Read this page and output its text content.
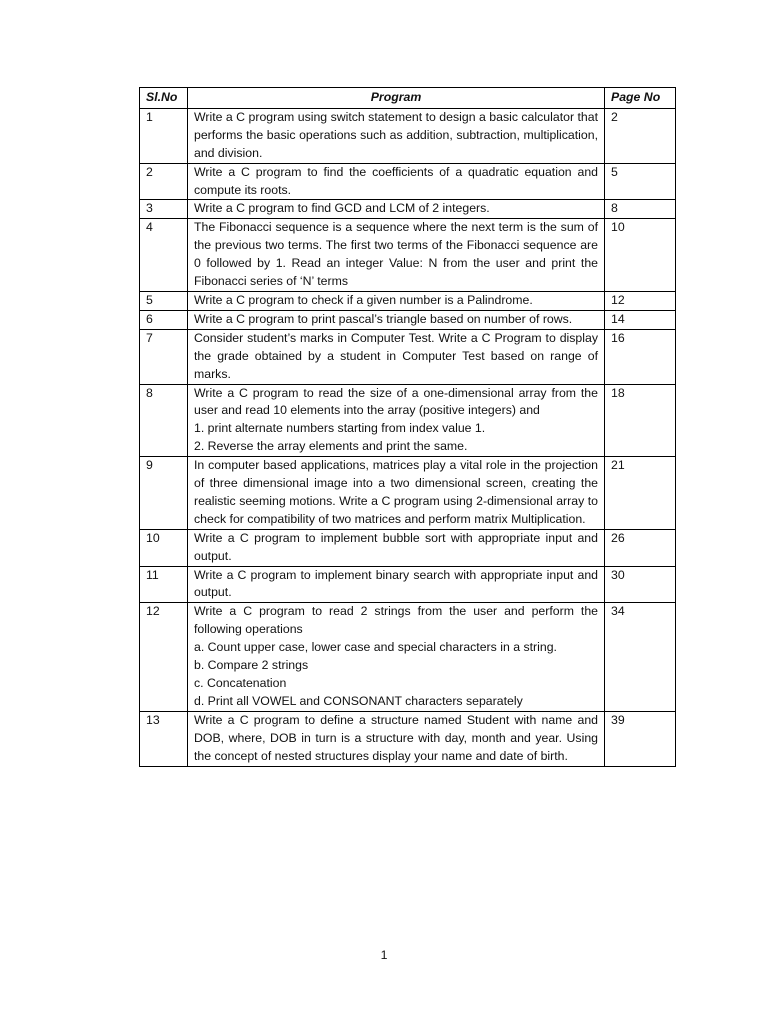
Sl.No	Program	Page No
1	Write a C program using switch statement to design a basic calculator that performs the basic operations such as addition, subtraction, multiplication, and division.	2
2	Write a C program to find the coefficients of a quadratic equation and compute its roots.	5
3	Write a C program to find GCD and LCM of 2 integers.	8
4	The Fibonacci sequence is a sequence where the next term is the sum of the previous two terms. The first two terms of the Fibonacci sequence are 0 followed by 1. Read an integer Value: N from the user and print the Fibonacci series of ‘N’ terms	10
5	Write a C program to check if a given number is a Palindrome.	12
6	Write a C program to print pascal’s triangle based on number of rows.	14
7	Consider student’s marks in Computer Test. Write a C Program to display the grade obtained by a student in Computer Test based on range of marks.	16
8	Write a C program to read the size of a one-dimensional array from the user and read 10 elements into the array (positive integers) and
1. print alternate numbers starting from index value 1.
2. Reverse the array elements and print the same.	18
9	In computer based applications, matrices play a vital role in the projection of three dimensional image into a two dimensional screen, creating the realistic seeming motions. Write a C program using 2-dimensional array to check for compatibility of two matrices and perform matrix Multiplication.	21
10	Write a C program to implement bubble sort with appropriate input and output.	26
11	Write a C program to implement binary search with appropriate input and output.	30
12	Write a C program to read 2 strings from the user and perform the following operations
a. Count upper case, lower case and special characters in a string.
b. Compare 2 strings
c. Concatenation
d. Print all VOWEL and CONSONANT characters separately	34
13	Write a C program to define a structure named Student with name and DOB, where, DOB in turn is a structure with day, month and year. Using the concept of nested structures display your name and date of birth.	39
1
